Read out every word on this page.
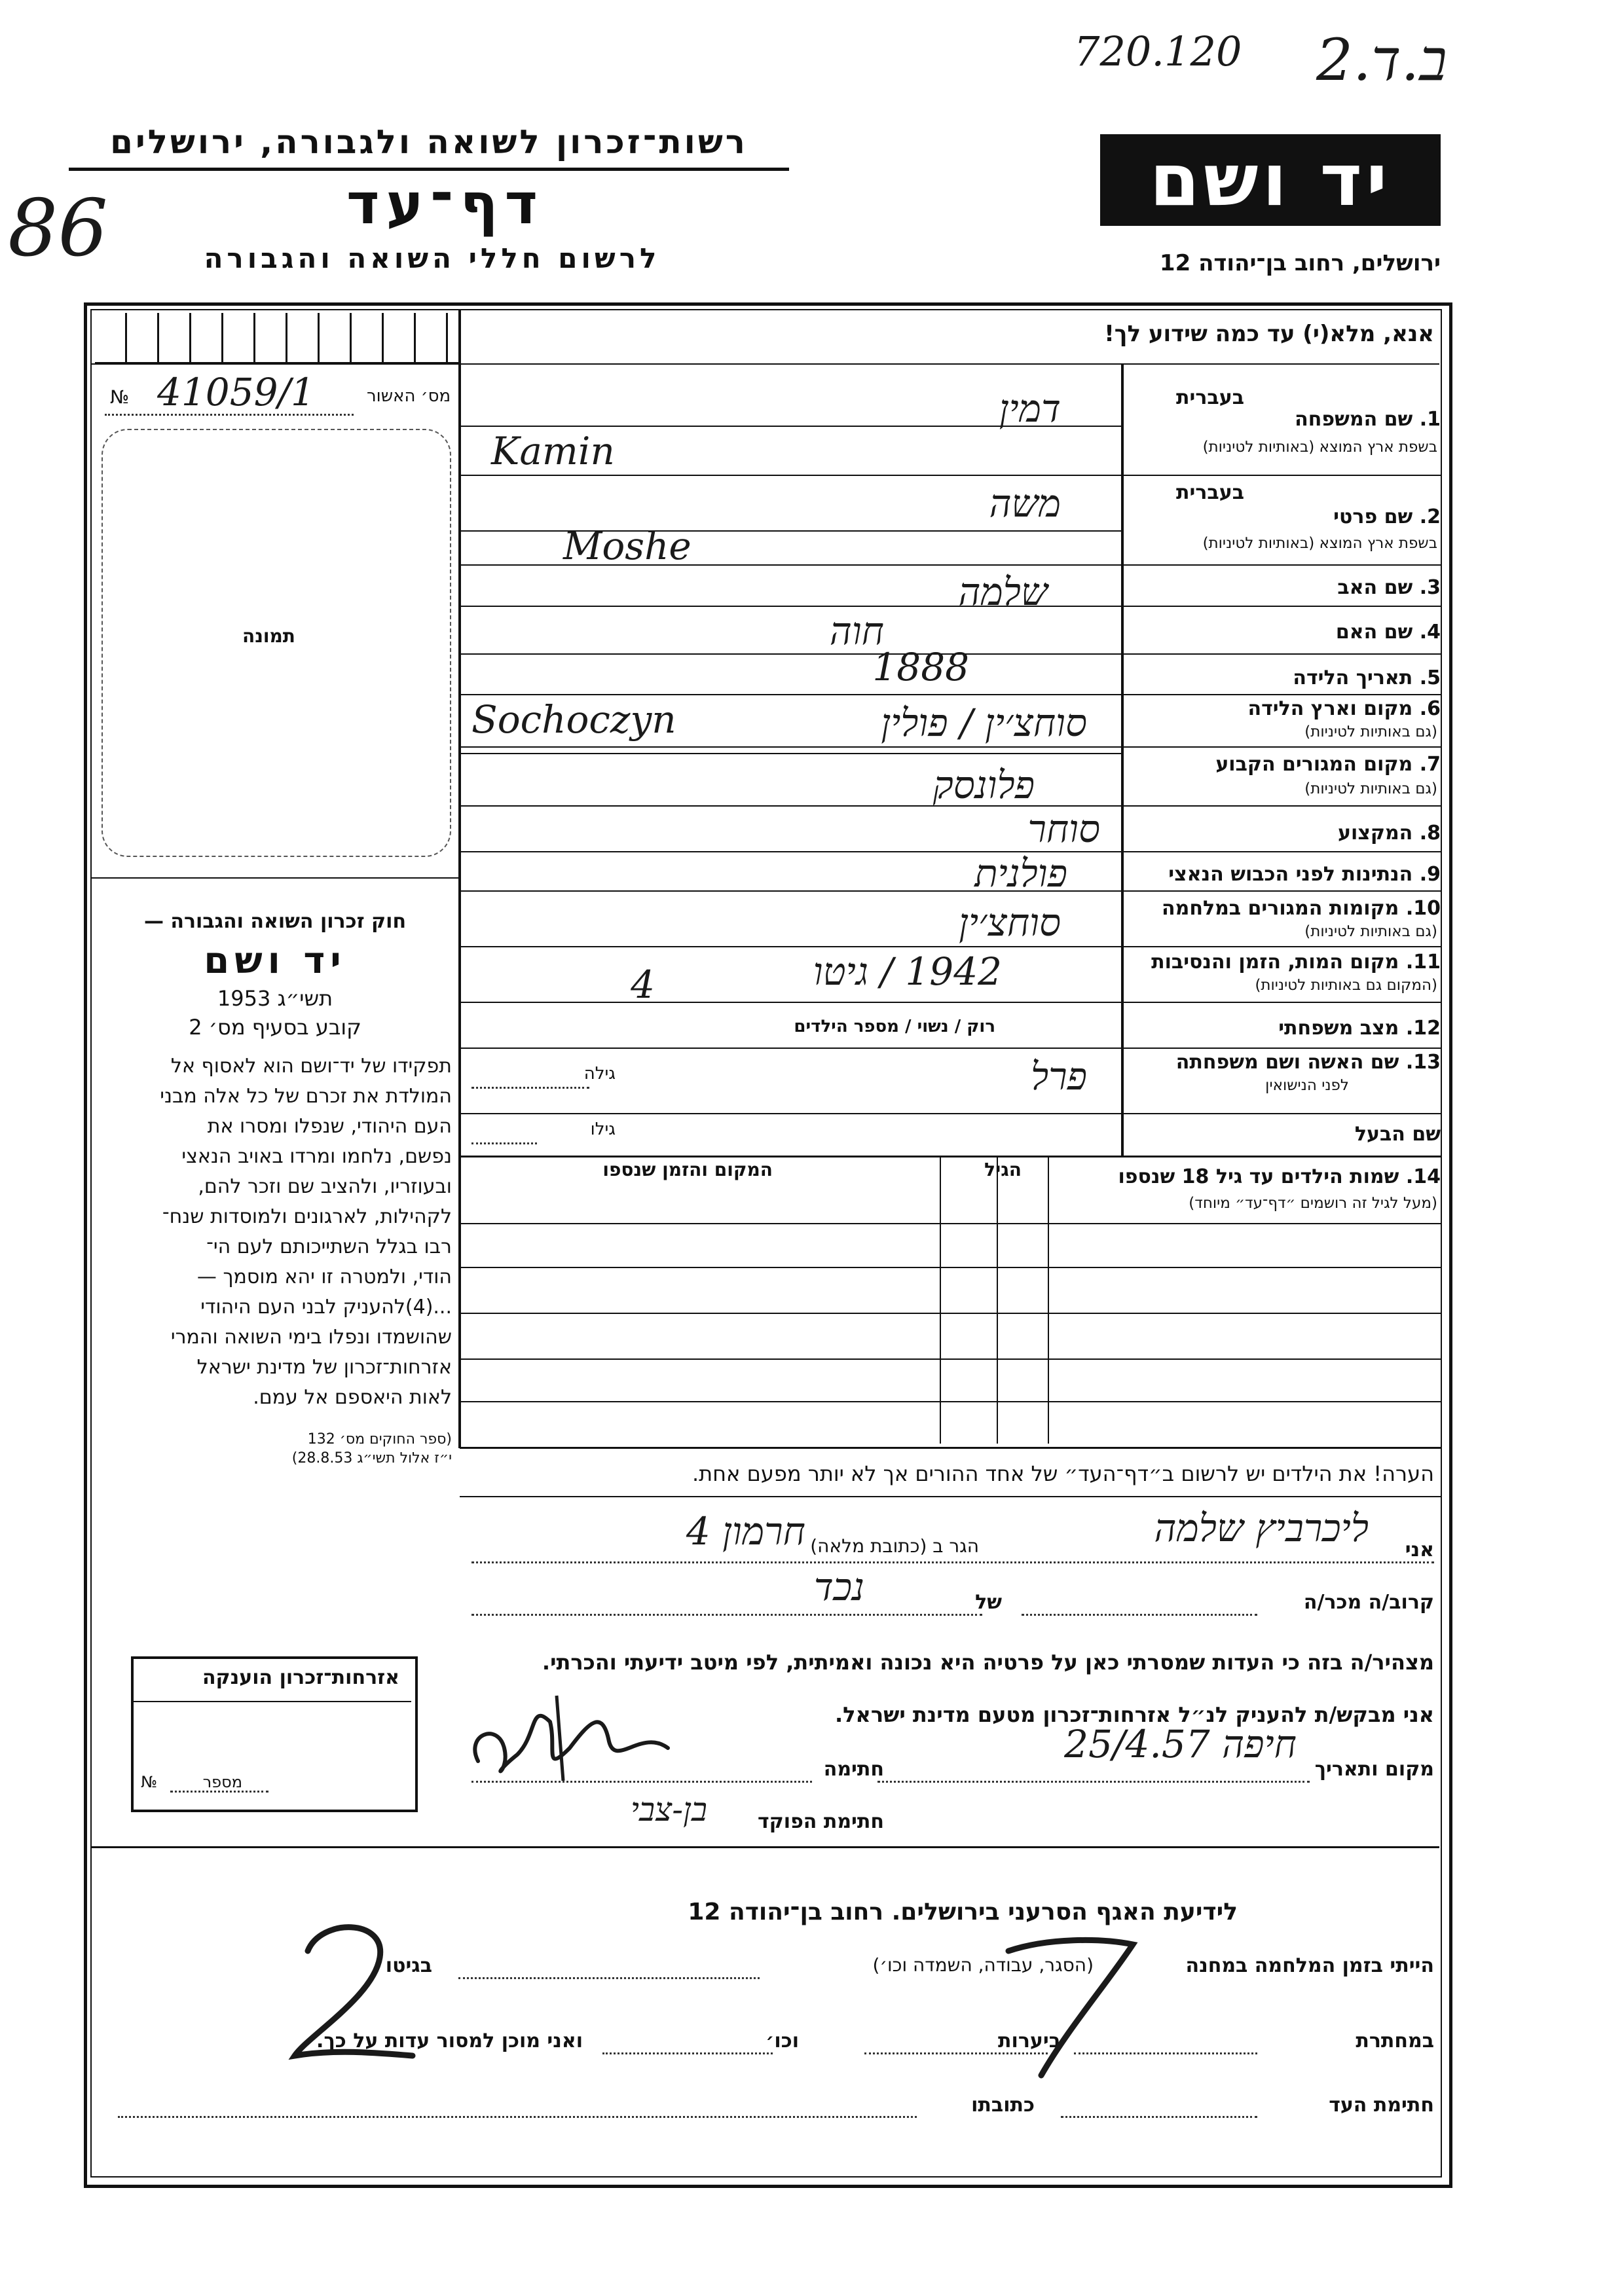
720.120 ב.ד.2
86
רשות־זכרון לשואה ולגבורה, ירושלים
דף־עד
לרשום חללי השואה והגבורה
יד ושם
ירושלים, רחוב בן־יהודה 12
אנא, מלא(י) עד כמה שידוע לך!
מס׳ האשור
№ 41059/1
תמונה
חוק זכרון השואה והגבורה —
יד ושם
תשי״ג 1953
קובע בסעיף מס׳ 2
תפקידו של יד־ושם הוא לאסוף אל
המולדת את זכרם של כל אלה מבני
העם היהודי, שנפלו ומסרו את
נפשם, נלחמו ומרדו באויב הנאצי
ובעוזריו, ולהציב שם וזכר להם,
לקהילות, לארגונים ולמוסדות שנח־
רבו בגלל השתייכותם לעם הי־
הודי, ולמטרה זו יהא מוסמך —
...(4)להעניק לבני העם היהודי
שהושמדו ונפלו בימי השואה והמרי
אזרחות־זכרון של מדינת ישראל
לאות היאספם אל עמם.
(ספר החוקים מס׳ 132
י״ז אלול תשי״ג 28.8.53)
אזרחות־זכרון הוענקה
מספר
№
בעברית
1. שם המשפחה
בשפת ארץ המוצא (באותיות לטיניות)
בעברית
2. שם פרטי
בשפת ארץ המוצא (באותיות לטיניות)
3. שם האב
4. שם האם
5. תאריך הלידה
6. מקום וארץ הלידה
(גם באותיות לטיניות)
7. מקום המגורים הקבוע
(גם באותיות לטיניות)
8. המקצוע
9. הנתינות לפני הכבוש הנאצי
10. מקומות המגורים במלחמה
(גם באותיות לטיניות)
11. מקום המות, הזמן והנסיבות
(המקום גם באותיות לטיניות)
12. מצב משפחתי
רוק / נשוי / מספר הילדים
13. שם האשה ושם משפחתה
לפני הנישואין
גילה
שם הבעל
גילו
דמין
Kamin
משה
Moshe
שלמה
חוה
1888
סוחצ׳ין / פולין
Sochoczyn
פלונסק
סוחר
פולנית
סוחצ׳ין
1942 / גיטו
4
פרל
14. שמות הילדים עד גיל 18 שנספו
(מעל לגיל זה רושמים ״דף־עד״ מיוחד)
הגיל
המקום והזמן שנספו
הערה! את הילדים יש לרשום ב״דף־העד״ של אחד ההורים אך לא יותר מפעם אחת.
אני
הגר ב (כתובת מלאה)	ליכרביץ שלמה
חרמון 4
קרוב/ה מכר/ה
של
נכד
מצהיר/ה בזה כי העדות שמסרתי כאן על פרטיה היא נכונה ואמיתית, לפי מיטב ידיעתי והכרתי.
אני מבקש/ת להעניק לנ״ל אזרחות־זכרון מטעם מדינת ישראל.
מקום ותאריך
חיפה 25/4.57
חתימה
חתימת הפוקד
בן-צבי
לידיעת האגף הסרעני בירושלים. רחוב בן־יהודה 12
הייתי בזמן המלחמה במחנה
(הסגר, עבודה, השמדה וכו׳)
בגיטו
במחתרת
ביערות
וכו׳
ואני מוכן למסור עדות על כך.
חתימת העד
כתובתו
